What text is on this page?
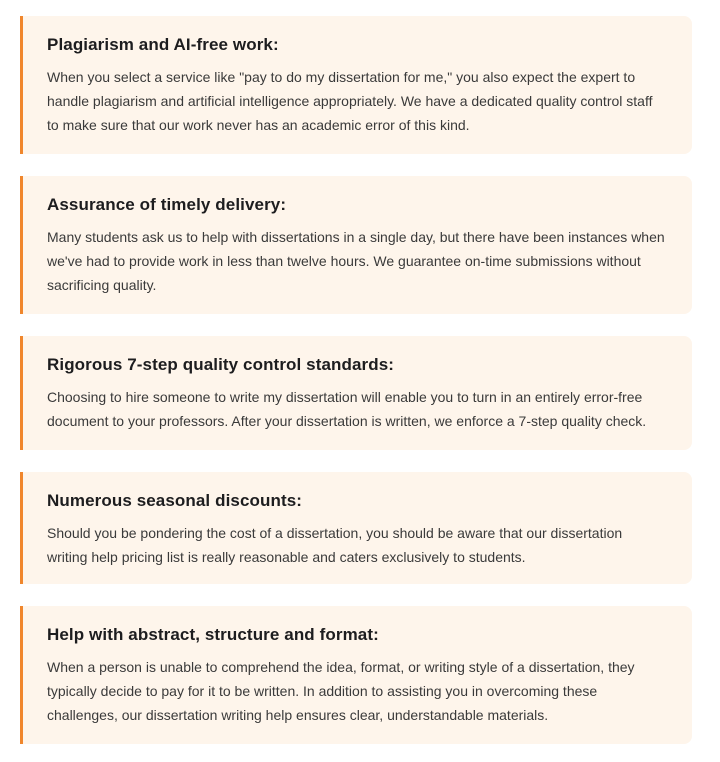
Plagiarism and AI-free work:

When you select a service like "pay to do my dissertation for me," you also expect the expert to
handle plagiarism and artificial intelligence appropriately. We have a dedicated quality control staff
to make sure that our work never has an academic error of this kind.

Assurance of timely delivery:

Many students ask us to help with dissertations in a single day, but there have been instances when
we've had to provide work in less than twelve hours. We guarantee on-time submissions without
sacrificing quality.

Rigorous 7-step quality control standards:

Choosing to hire someone to write my dissertation will enable you to turn in an entirely error-free
document to your professors. After your dissertation is written, we enforce a 7-step quality check.

Numerous seasonal discounts:

Should you be pondering the cost of a dissertation, you should be aware that our dissertation
writing help pricing list is really reasonable and caters exclusively to students.

Help with abstract, structure and format:

When a person is unable to comprehend the idea, format, or writing style of a dissertation, they
typically decide to pay for it to be written. In addition to assisting you in overcoming these
challenges, our dissertation writing help ensures clear, understandable materials.
